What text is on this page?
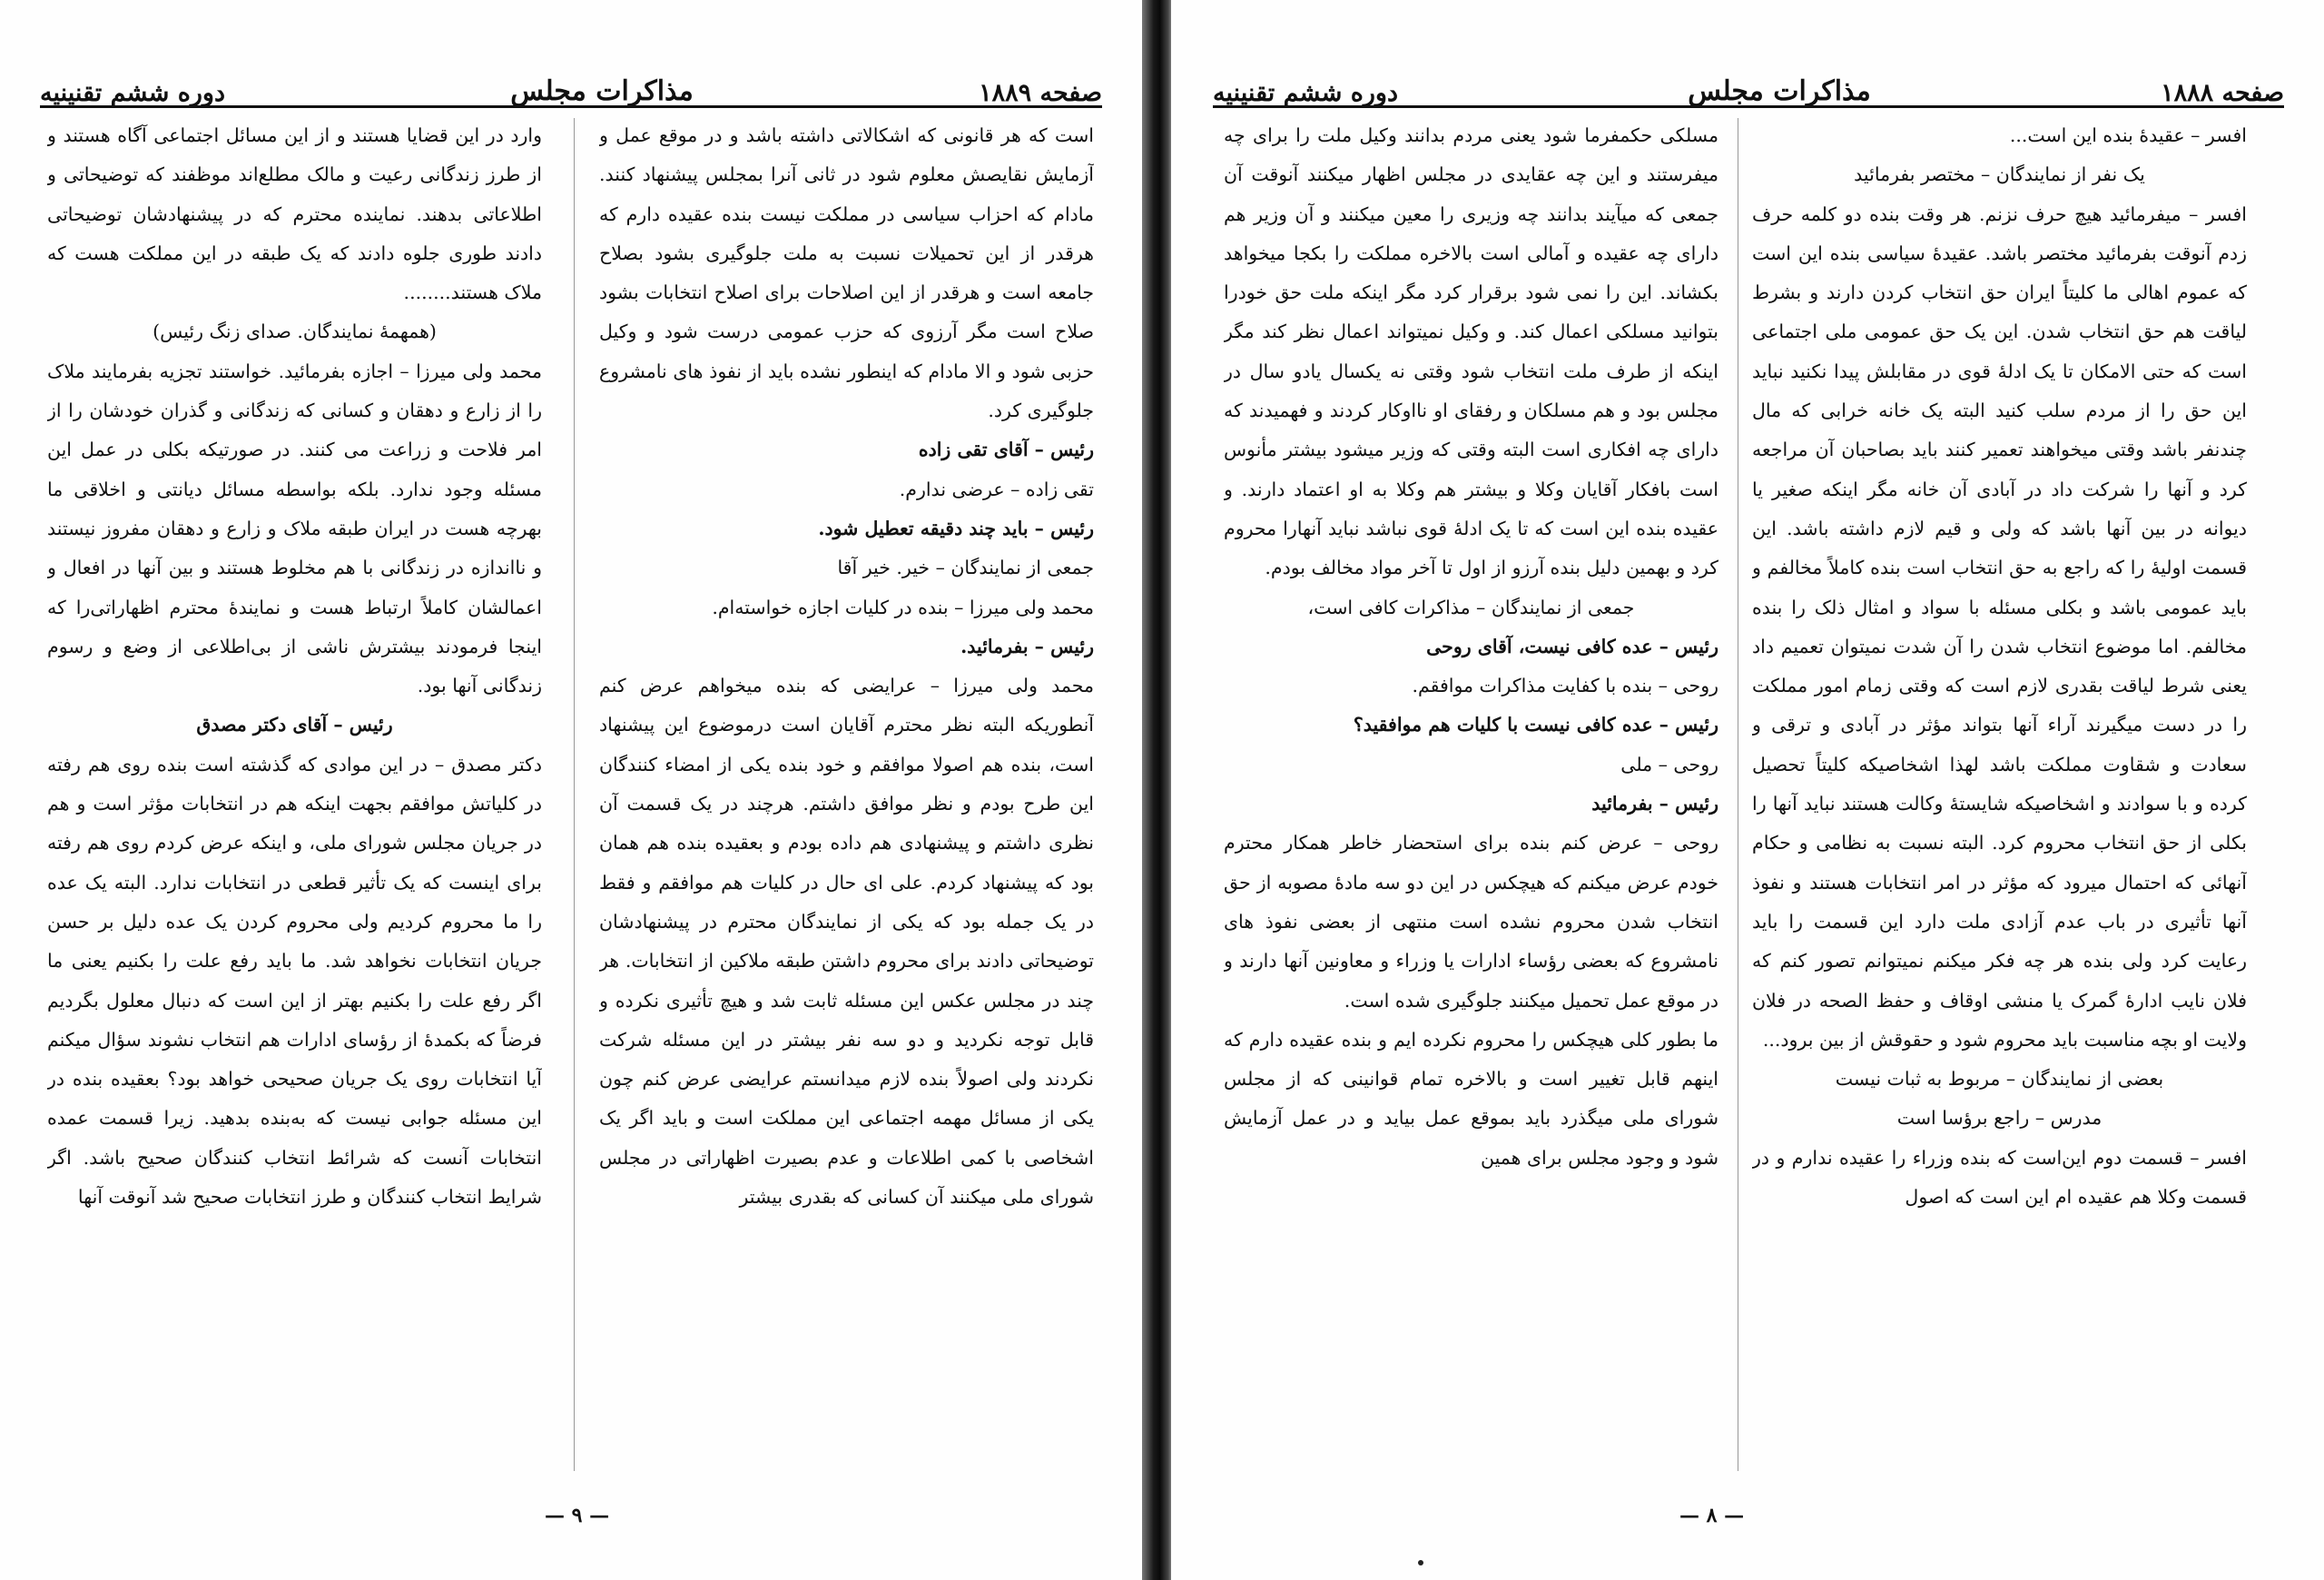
دوره ششم تقنینیه	مذاکرات مجلس	صفحه ۱۸۸۹

است که هر قانونی که اشکالاتی داشته باشد و در موقع عمل و آزمایش نقایصش معلوم شود در ثانی آنرا بمجلس پیشنهاد کنند. مادام که احزاب سیاسی در مملکت نیست بنده عقیده دارم که هرقدر از این تحمیلات نسبت به ملت جلوگیری بشود بصلاح جامعه است و هرقدر از این اصلاحات برای اصلاح انتخابات بشود صلاح است مگر آرزوی که حزب عمومی درست شود و وکیل حزبی شود و الا مادام که اینطور نشده باید از نفوذ های نامشروع جلوگیری کرد.

رئیس – آقای تقی زاده

تقی زاده – عرضی ندارم.

رئیس – باید چند دقیقه تعطیل شود.

جمعی از نمایندگان – خیر. خیر آقا

محمد ولی میرزا – بنده در کلیات اجازه خواسته‌ام.

رئیس – بفرمائید.

محمد ولی میرزا – عرایضی که بنده میخواهم عرض کنم آنطوریکه البته نظر محترم آقایان است درموضوع این پیشنهاد است، بنده هم اصولا موافقم و خود بنده یکی از امضاء کنندگان این طرح بودم و نظر موافق داشتم. هرچند در یک قسمت آن نظری داشتم و پیشنهادی هم داده بودم و بعقیده بنده هم همان بود که پیشنهاد کردم. علی ای حال در کلیات هم موافقم و فقط در یک جمله بود که یکی از نمایندگان محترم در پیشنهادشان توضیحاتی دادند برای محروم داشتن طبقه ملاکین از انتخابات. هر چند در مجلس عکس این مسئله ثابت شد و هیچ تأثیری نکرده و قابل توجه نکردید و دو سه نفر بیشتر در این مسئله شرکت نکردند ولی اصولاً بنده لازم میدانستم عرایضی عرض کنم چون یکی از مسائل مهمه اجتماعی این مملکت است و باید اگر یک اشخاصی با کمی اطلاعات و عدم بصیرت اظهاراتی در مجلس شورای ملی میکنند آن کسانی که بقدری بیشتر

وارد در این قضایا هستند و از این مسائل اجتماعی آگاه هستند و از طرز زندگانی رعیت و مالک مطلع‌اند موظفند که توضیحاتی و اطلاعاتی بدهند. نماینده محترم که در پیشنهادشان توضیحاتی دادند طوری جلوه دادند که یک طبقه در این مملکت هست که ملاک هستند........

(همهمهٔ نمایندگان. صدای زنگ رئیس)

محمد ولی میرزا – اجازه بفرمائید. خواستند تجزیه بفرمایند ملاک را از زارع و دهقان و کسانی که زندگانی و گذران خودشان را از امر فلاحت و زراعت می کنند. در صورتیکه بکلی در عمل این مسئله وجود ندارد. بلکه بواسطه مسائل دیانتی و اخلاقی ما بهرچه هست در ایران طبقه ملاک و زارع و دهقان مفروز نیستند و نااندازه در زندگانی با هم مخلوط هستند و بین آنها در افعال و اعمالشان کاملاً ارتباط هست و نمایندهٔ محترم اظهاراتی‌را که اینجا فرمودند بیشترش ناشی از بی‌اطلاعی از وضع و رسوم زندگانی آنها بود.

رئیس – آقای دکتر مصدق

دکتر مصدق – در این موادی که گذشته است بنده روی هم رفته در کلیاتش موافقم بجهت اینکه هم در انتخابات مؤثر است و هم در جریان مجلس شورای ملی، و اینکه عرض کردم روی هم رفته برای اینست که یک تأثیر قطعی در انتخابات ندارد. البته یک عده را ما محروم کردیم ولی محروم کردن یک عده دلیل بر حسن جریان انتخابات نخواهد شد. ما باید رفع علت را بکنیم یعنی ما اگر رفع علت را بکنیم بهتر از این است که دنبال معلول بگردیم فرضاً که بکمدهٔ از رؤسای ادارات هم انتخاب نشوند سؤال میکنم آیا انتخابات روی یک جریان صحیحی خواهد بود؟ بعقیده بنده در این مسئله جوابی نیست که به‌بنده بدهید. زیرا قسمت عمده انتخابات آنست که شرائط انتخاب کنندگان صحیح باشد. اگر شرایط انتخاب کنندگان و طرز انتخابات صحیح شد آنوقت آنها

— ۹ —
دوره ششم تقنینیه	مذاکرات مجلس	صفحه ۱۸۸۸

افسر – عقیدهٔ بنده این است...

یک نفر از نمایندگان – مختصر بفرمائید

افسر – میفرمائید هیچ حرف نزنم. هر وقت بنده دو کلمه حرف زدم آنوقت بفرمائید مختصر باشد. عقیدهٔ سیاسی بنده این است که عموم اهالی ما کلیتاً ایران حق انتخاب کردن دارند و بشرط لیاقت هم حق انتخاب شدن. این یک حق عمومی ملی اجتماعی است که حتی الامکان تا یک ادلهٔ قوی در مقابلش پیدا نکنید نباید این حق را از مردم سلب کنید البته یک خانه خرابی که مال چندنفر باشد وقتی میخواهند تعمیر کنند باید بصاحبان آن مراجعه کرد و آنها را شرکت داد در آبادی آن خانه مگر اینکه صغیر یا دیوانه در بین آنها باشد که ولی و قیم لازم داشته باشد. این قسمت اولیهٔ را که راجع به حق انتخاب است بنده کاملاً مخالفم و باید عمومی باشد و بکلی مسئله با سواد و امثال ذلک را بنده مخالفم. اما موضوع انتخاب شدن را آن شدت نمیتوان تعمیم داد یعنی شرط لیاقت بقدری لازم است که وقتی زمام امور مملکت را در دست میگیرند آراء آنها بتواند مؤثر در آبادی و ترقی و سعادت و شقاوت مملکت باشد لهذا اشخاصیکه کلیتاً تحصیل کرده و با سوادند و اشخاصیکه شایستهٔ وکالت هستند نباید آنها را بکلی از حق انتخاب محروم کرد. البته نسبت به نظامی و حکام آنهائی که احتمال میرود که مؤثر در امر انتخابات هستند و نفوذ آنها تأثیری در باب عدم آزادی ملت دارد این قسمت را باید رعایت کرد ولی بنده هر چه فکر میکنم نمیتوانم تصور کنم که فلان نایب ادارهٔ گمرک یا منشی اوقاف و حفظ الصحه در فلان ولایت او بچه مناسبت باید محروم شود و حقوقش از بین برود...

بعضی از نمایندگان – مربوط به ثبات نیست

مدرس – راجع برؤسا است

افسر – قسمت دوم این‌است که بنده وزراء را عقیده ندارم و در قسمت وکلا هم عقیده ام این است که اصول

مسلکی حکمفرما شود یعنی مردم بدانند وکیل ملت را برای چه میفرستند و این چه عقایدی در مجلس اظهار میکنند آنوقت آن جمعی که میآیند بدانند چه وزیری را معین میکنند و آن وزیر هم دارای چه عقیده و آمالی است بالاخره مملکت را بکجا میخواهد بکشاند. این را نمی شود برقرار کرد مگر اینکه ملت حق خودرا بتوانید مسلکی اعمال کند. و وکیل نمیتواند اعمال نظر کند مگر اینکه از طرف ملت انتخاب شود وقتی نه یکسال یادو سال در مجلس بود و هم مسلکان و رفقای او نااوکار کردند و فهمیدند که دارای چه افکاری است البته وقتی که وزیر میشود بیشتر مأنوس است بافکار آقایان وکلا و بیشتر هم وکلا به او اعتماد دارند. و عقیده بنده این است که تا یک ادلهٔ قوی نباشد نباید آنهارا محروم کرد و بهمین دلیل بنده آرزو از اول تا آخر مواد مخالف بودم.

جمعی از نمایندگان – مذاکرات کافی است،

رئیس – عده کافی نیست، آقای روحی

روحی – بنده با کفایت مذاکرات موافقم.

رئیس – عده کافی نیست با کلیات هم موافقید؟

روحی – ملی

رئیس – بفرمائید

روحی – عرض کنم بنده برای استحضار خاطر همکار محترم خودم عرض میکنم که هیچکس در این دو سه مادهٔ مصوبه از حق انتخاب شدن محروم نشده است منتهی از بعضی نفوذ های نامشروع که بعضی رؤساء ادارات یا وزراء و معاونین آنها دارند و در موقع عمل تحمیل میکنند جلوگیری شده است.

ما بطور کلی هیچکس را محروم نکرده ایم و بنده عقیده دارم که اینهم قابل تغییر است و بالاخره تمام قوانینی که از مجلس شورای ملی میگذرد باید بموقع عمل بیاید و در عمل آزمایش شود و وجود مجلس برای همین

— ۸ —
